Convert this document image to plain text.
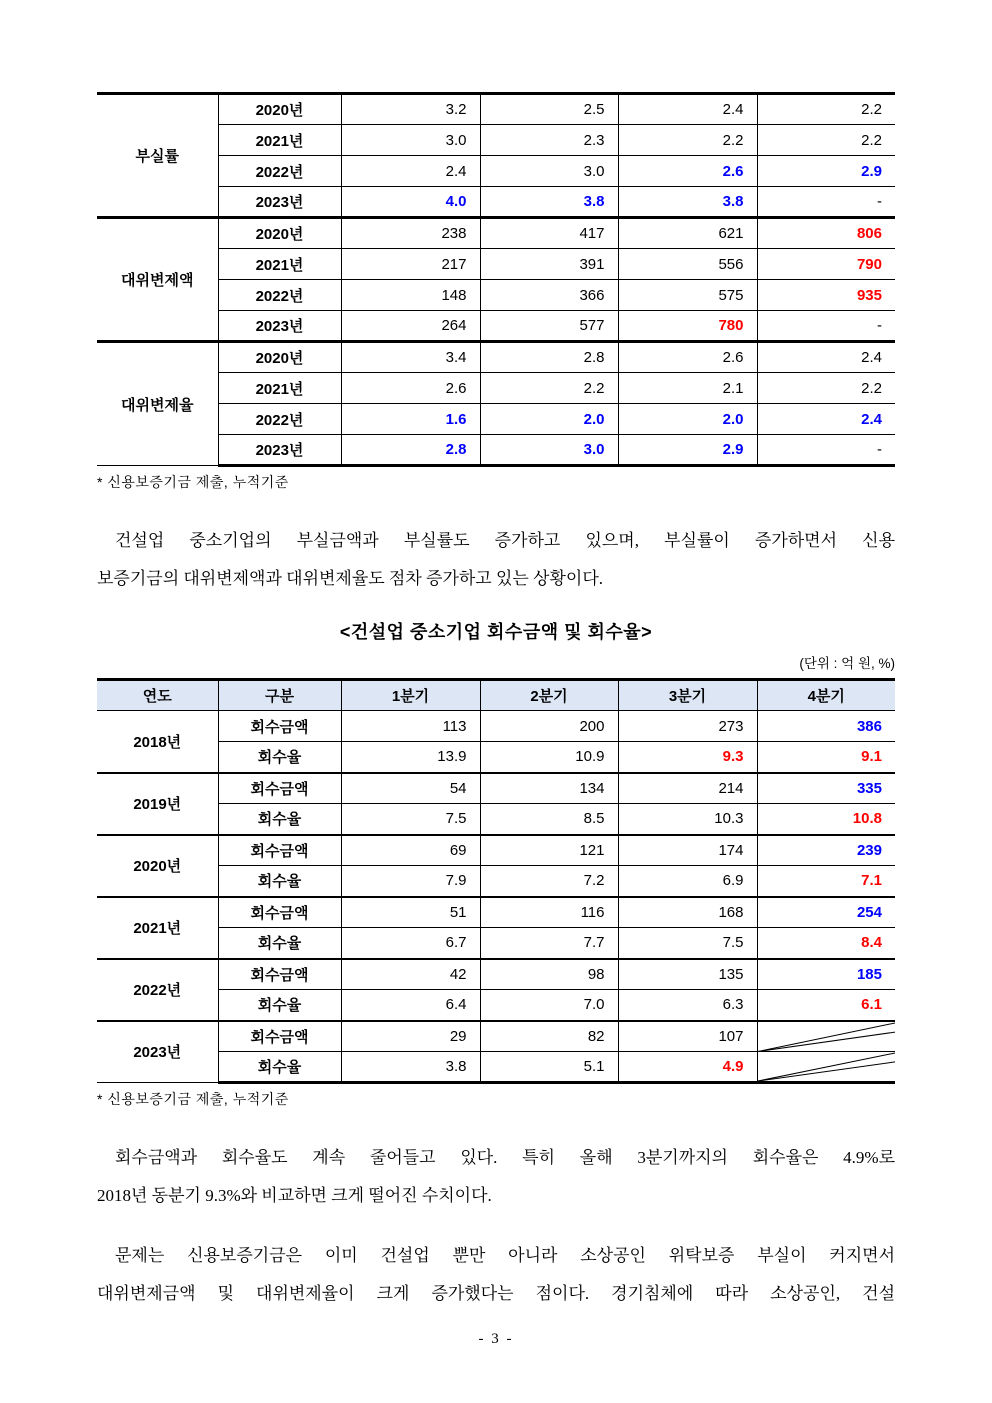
부실률	2020년	3.2	2.5	2.4	2.2
	2021년	3.0	2.3	2.2	2.2
	2022년	2.4	3.0	2.6	2.9
	2023년	4.0	3.8	3.8	-
대위변제액	2020년	238	417	621	806
	2021년	217	391	556	790
	2022년	148	366	575	935
	2023년	264	577	780	-
대위변제율	2020년	3.4	2.8	2.6	2.4
	2021년	2.6	2.2	2.1	2.2
	2022년	1.6	2.0	2.0	2.4
	2023년	2.8	3.0	2.9	-
* 신용보증기금 제출, 누적기준
건설업 중소기업의 부실금액과 부실률도 증가하고 있으며, 부실률이 증가하면서 신용
보증기금의 대위변제액과 대위변제율도 점차 증가하고 있는 상황이다.
<건설업 중소기업 회수금액 및 회수율>
(단위 : 억 원, %)
연도	구분	1분기	2분기	3분기	4분기
2018년	회수금액	113	200	273	386
	회수율	13.9	10.9	9.3	9.1
2019년	회수금액	54	134	214	335
	회수율	7.5	8.5	10.3	10.8
2020년	회수금액	69	121	174	239
	회수율	7.9	7.2	6.9	7.1
2021년	회수금액	51	116	168	254
	회수율	6.7	7.7	7.5	8.4
2022년	회수금액	42	98	135	185
	회수율	6.4	7.0	6.3	6.1
2023년	회수금액	29	82	107	

	회수율	3.8	5.1	4.9	
* 신용보증기금 제출, 누적기준
회수금액과 회수율도 계속 줄어들고 있다. 특히 올해 3분기까지의 회수율은 4.9%로
2018년 동분기 9.3%와 비교하면 크게 떨어진 수치이다.
문제는 신용보증기금은 이미 건설업 뿐만 아니라 소상공인 위탁보증 부실이 커지면서
대위변제금액 및 대위변제율이 크게 증가했다는 점이다. 경기침체에 따라 소상공인, 건설
- 3 -
